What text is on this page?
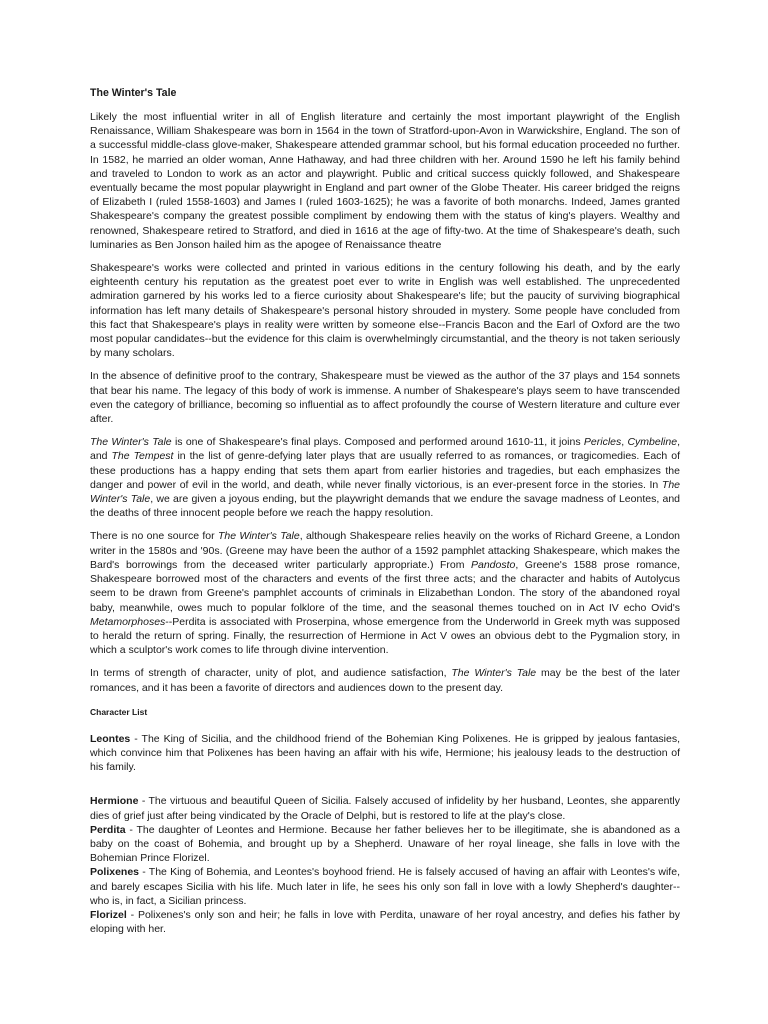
The Winter's Tale

Likely the most influential writer in all of English literature and certainly the most important playwright of the English Renaissance, William Shakespeare was born in 1564 in the town of Stratford-upon-Avon in Warwickshire, England. The son of a successful middle-class glove-maker, Shakespeare attended grammar school, but his formal education proceeded no further. In 1582, he married an older woman, Anne Hathaway, and had three children with her. Around 1590 he left his family behind and traveled to London to work as an actor and playwright. Public and critical success quickly followed, and Shakespeare eventually became the most popular playwright in England and part owner of the Globe Theater. His career bridged the reigns of Elizabeth I (ruled 1558-1603) and James I (ruled 1603-1625); he was a favorite of both monarchs. Indeed, James granted Shakespeare's company the greatest possible compliment by endowing them with the status of king's players. Wealthy and renowned, Shakespeare retired to Stratford, and died in 1616 at the age of fifty-two. At the time of Shakespeare's death, such luminaries as Ben Jonson hailed him as the apogee of Renaissance theatre

Shakespeare's works were collected and printed in various editions in the century following his death, and by the early eighteenth century his reputation as the greatest poet ever to write in English was well established. The unprecedented admiration garnered by his works led to a fierce curiosity about Shakespeare's life; but the paucity of surviving biographical information has left many details of Shakespeare's personal history shrouded in mystery. Some people have concluded from this fact that Shakespeare's plays in reality were written by someone else--Francis Bacon and the Earl of Oxford are the two most popular candidates--but the evidence for this claim is overwhelmingly circumstantial, and the theory is not taken seriously by many scholars.

In the absence of definitive proof to the contrary, Shakespeare must be viewed as the author of the 37 plays and 154 sonnets that bear his name. The legacy of this body of work is immense. A number of Shakespeare's plays seem to have transcended even the category of brilliance, becoming so influential as to affect profoundly the course of Western literature and culture ever after.

The Winter's Tale is one of Shakespeare's final plays. Composed and performed around 1610-11, it joins Pericles, Cymbeline, and The Tempest in the list of genre-defying later plays that are usually referred to as romances, or tragicomedies. Each of these productions has a happy ending that sets them apart from earlier histories and tragedies, but each emphasizes the danger and power of evil in the world, and death, while never finally victorious, is an ever-present force in the stories. In The Winter's Tale, we are given a joyous ending, but the playwright demands that we endure the savage madness of Leontes, and the deaths of three innocent people before we reach the happy resolution.

There is no one source for The Winter's Tale, although Shakespeare relies heavily on the works of Richard Greene, a London writer in the 1580s and '90s. (Greene may have been the author of a 1592 pamphlet attacking Shakespeare, which makes the Bard's borrowings from the deceased writer particularly appropriate.) From Pandosto, Greene's 1588 prose romance, Shakespeare borrowed most of the characters and events of the first three acts; and the character and habits of Autolycus seem to be drawn from Greene's pamphlet accounts of criminals in Elizabethan London. The story of the abandoned royal baby, meanwhile, owes much to popular folklore of the time, and the seasonal themes touched on in Act IV echo Ovid's Metamorphoses--Perdita is associated with Proserpina, whose emergence from the Underworld in Greek myth was supposed to herald the return of spring. Finally, the resurrection of Hermione in Act V owes an obvious debt to the Pygmalion story, in which a sculptor's work comes to life through divine intervention.

In terms of strength of character, unity of plot, and audience satisfaction, The Winter's Tale may be the best of the later romances, and it has been a favorite of directors and audiences down to the present day.

Character List

Leontes - The King of Sicilia, and the childhood friend of the Bohemian King Polixenes. He is gripped by jealous fantasies, which convince him that Polixenes has been having an affair with his wife, Hermione; his jealousy leads to the destruction of his family.

Hermione - The virtuous and beautiful Queen of Sicilia. Falsely accused of infidelity by her husband, Leontes, she apparently dies of grief just after being vindicated by the Oracle of Delphi, but is restored to life at the play's close.

Perdita - The daughter of Leontes and Hermione. Because her father believes her to be illegitimate, she is abandoned as a baby on the coast of Bohemia, and brought up by a Shepherd. Unaware of her royal lineage, she falls in love with the Bohemian Prince Florizel.

Polixenes - The King of Bohemia, and Leontes's boyhood friend. He is falsely accused of having an affair with Leontes's wife, and barely escapes Sicilia with his life. Much later in life, he sees his only son fall in love with a lowly Shepherd's daughter--who is, in fact, a Sicilian princess.

Florizel - Polixenes's only son and heir; he falls in love with Perdita, unaware of her royal ancestry, and defies his father by eloping with her.
